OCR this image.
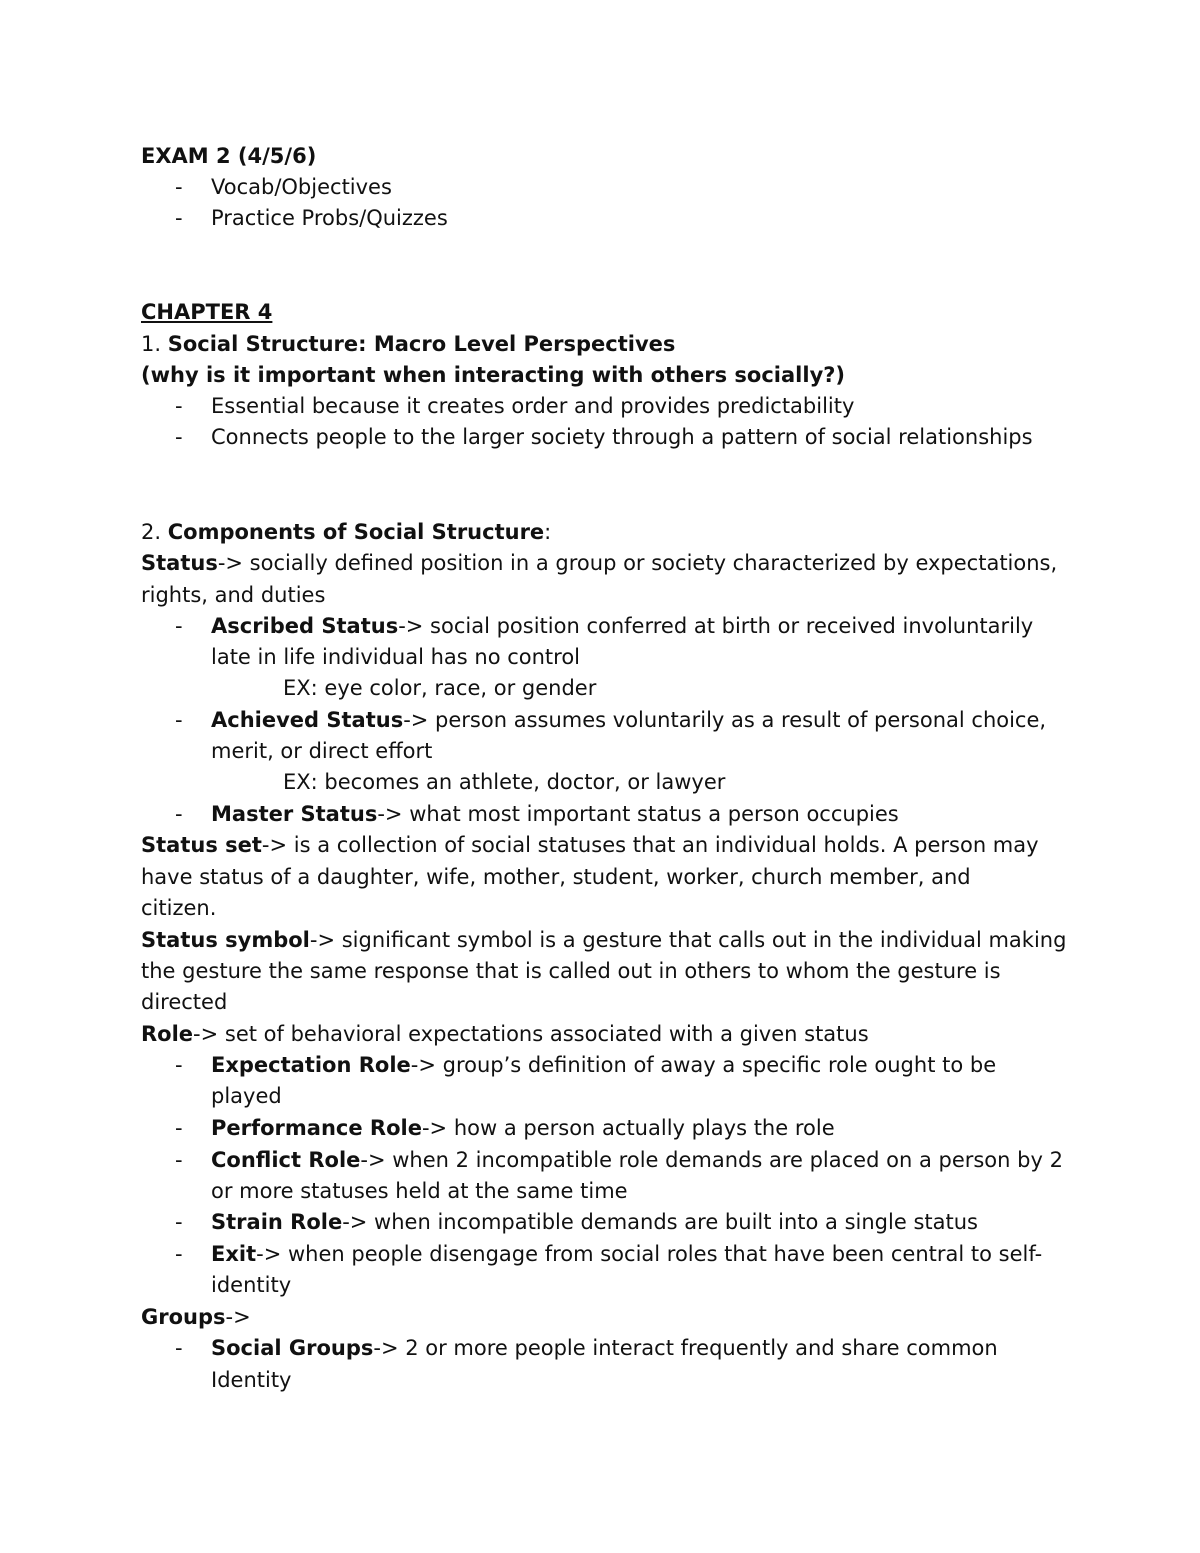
EXAM 2 (4/5/6)
- Vocab/Objectives
- Practice Probs/Quizzes
CHAPTER 4
1. Social Structure: Macro Level Perspectives
(why is it important when interacting with others socially?)
- Essential because it creates order and provides predictability
- Connects people to the larger society through a pattern of social relationships
2. Components of Social Structure:
Status-> socially defined position in a group or society characterized by expectations,
rights, and duties
- Ascribed Status-> social position conferred at birth or received involuntarily
late in life individual has no control
EX: eye color, race, or gender
- Achieved Status-> person assumes voluntarily as a result of personal choice,
merit, or direct effort
EX: becomes an athlete, doctor, or lawyer
- Master Status-> what most important status a person occupies
Status set-> is a collection of social statuses that an individual holds. A person may
have status of a daughter, wife, mother, student, worker, church member, and
citizen.
Status symbol-> significant symbol is a gesture that calls out in the individual making
the gesture the same response that is called out in others to whom the gesture is
directed
Role-> set of behavioral expectations associated with a given status
- Expectation Role-> group’s definition of away a specific role ought to be
played
- Performance Role-> how a person actually plays the role
- Conflict Role-> when 2 incompatible role demands are placed on a person by 2
or more statuses held at the same time
- Strain Role-> when incompatible demands are built into a single status
- Exit-> when people disengage from social roles that have been central to self-
identity
Groups->
- Social Groups-> 2 or more people interact frequently and share common
Identity
